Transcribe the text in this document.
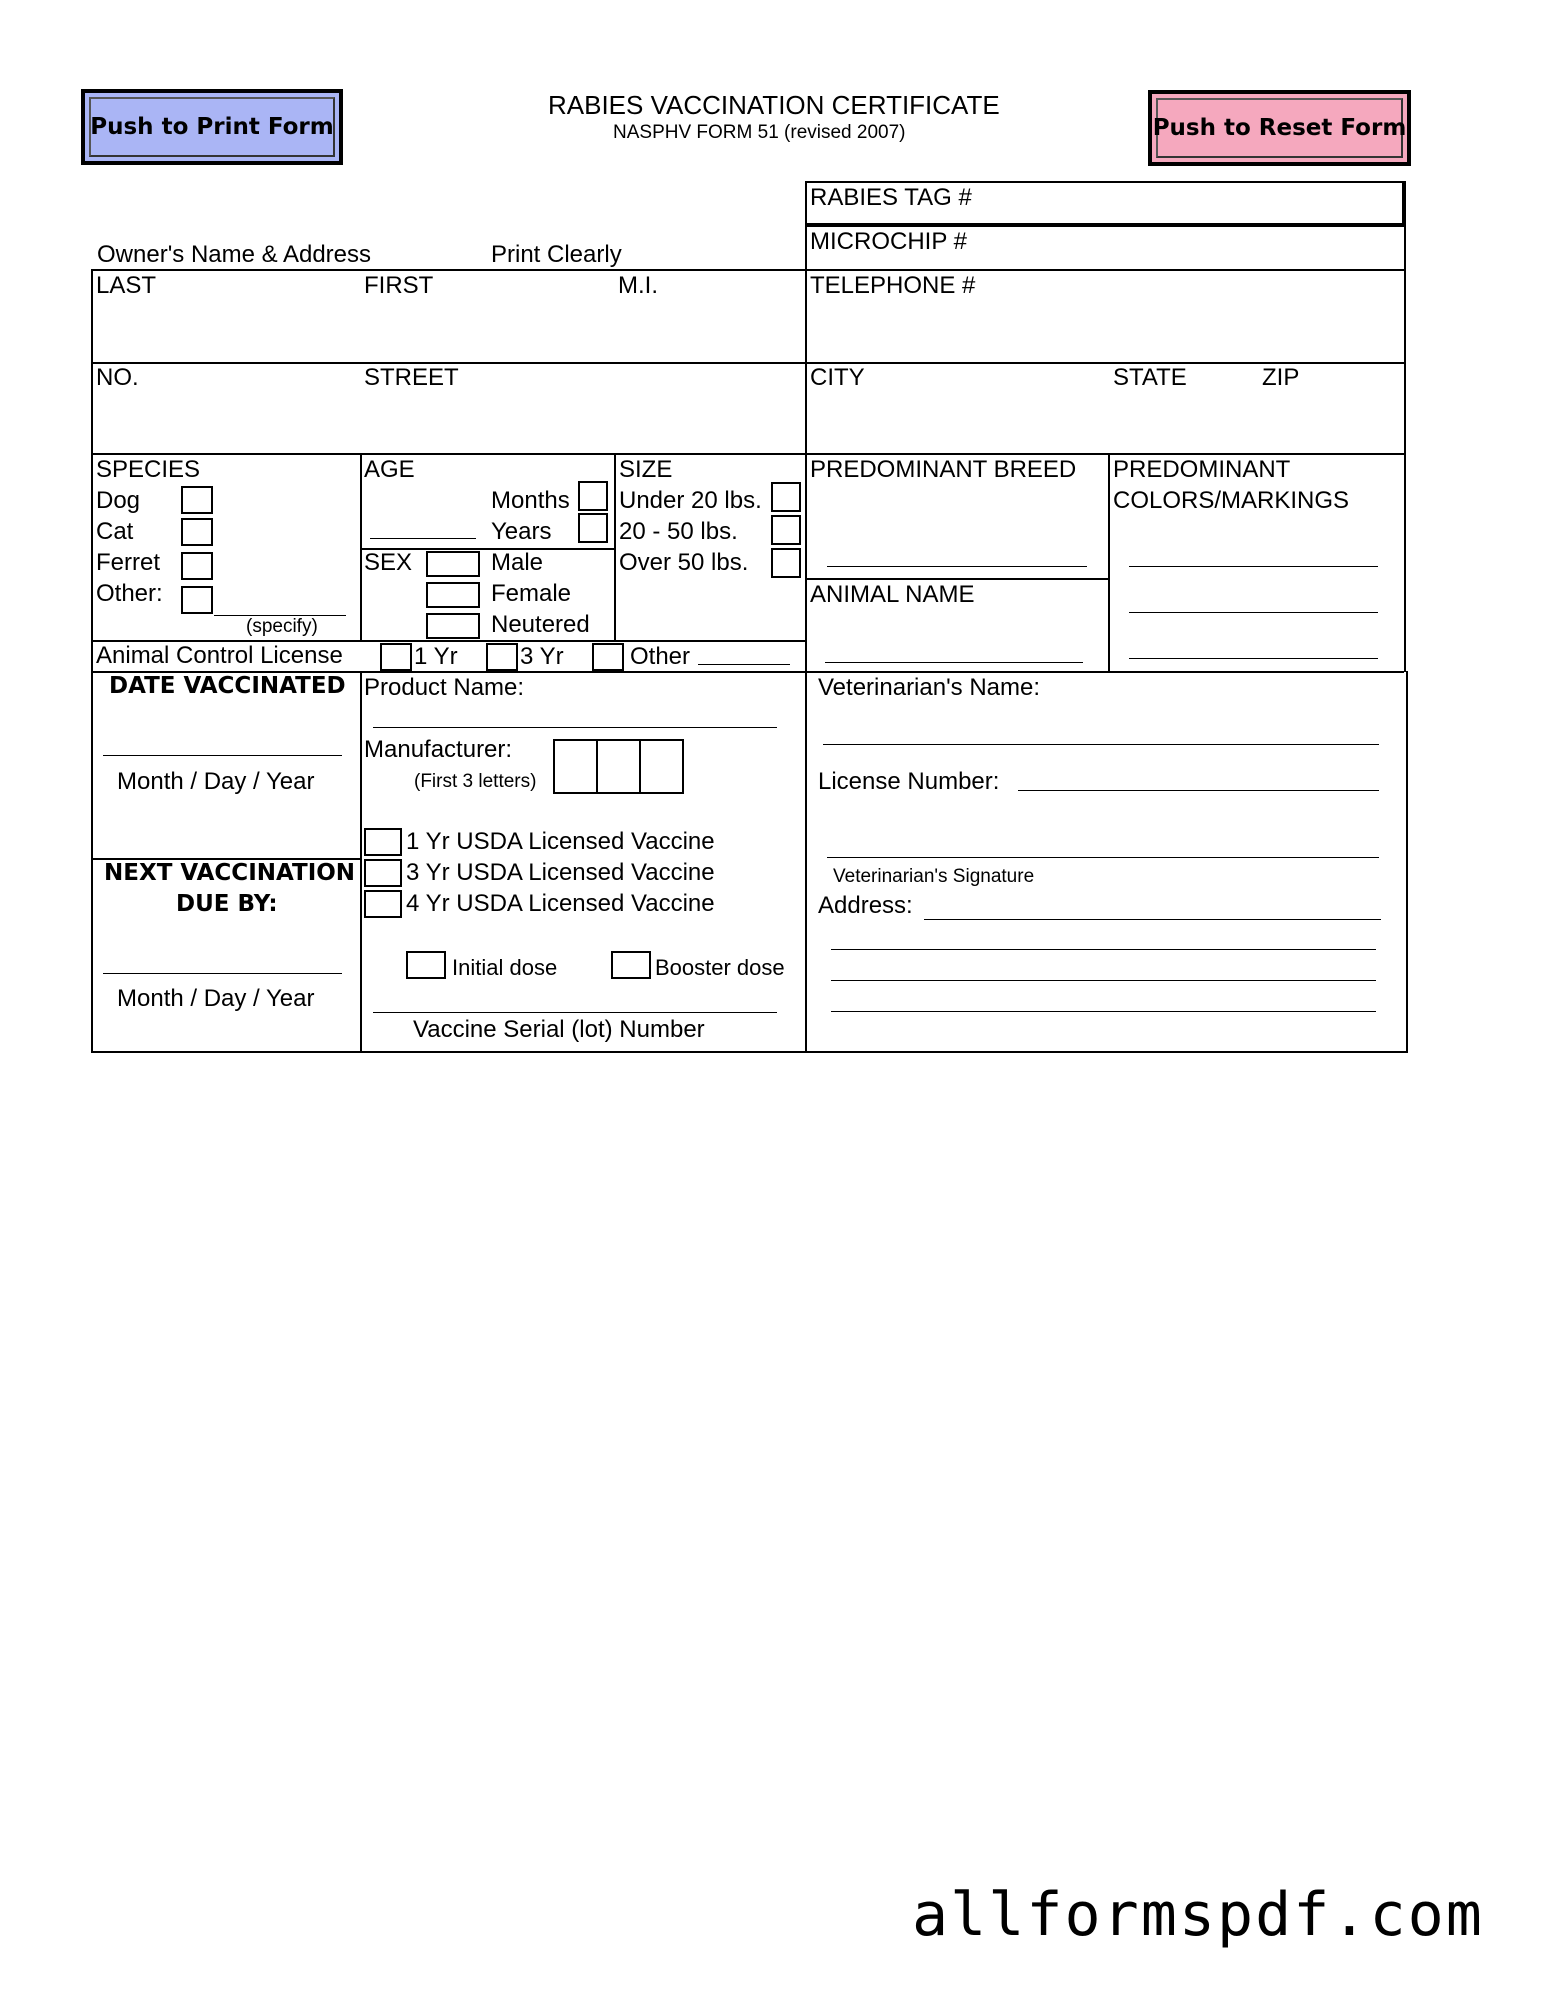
Push to Print Form	Push to Reset Form
RABIES VACCINATION CERTIFICATE
NASPHV FORM 51 (revised 2007)
RABIES TAG #
MICROCHIP #
Owner's Name & Address	Print Clearly
LAST	FIRST	M.I.	TELEPHONE #
NO.	STREET	CITY	STATE	ZIP
SPECIES
Dog
Cat
Ferret
Other:
(specify)
AGE
Months
Years
SEX	Male
Female
Neutered
SIZE
Under 20 lbs.
20 - 50 lbs.
Over 50 lbs.
PREDOMINANT BREED
ANIMAL NAME
PREDOMINANT
COLORS/MARKINGS
Animal Control License	1 Yr	3 Yr	Other
DATE VACCINATED
Month / Day / Year
NEXT VACCINATION
DUE BY:
Month / Day / Year
Product Name:
Manufacturer:
(First 3 letters)
1 Yr USDA Licensed Vaccine
3 Yr USDA Licensed Vaccine
4 Yr USDA Licensed Vaccine
Initial dose	Booster dose
Vaccine Serial (lot) Number
Veterinarian's Name:
License Number:
Veterinarian's Signature
Address:
allformspdf.com
